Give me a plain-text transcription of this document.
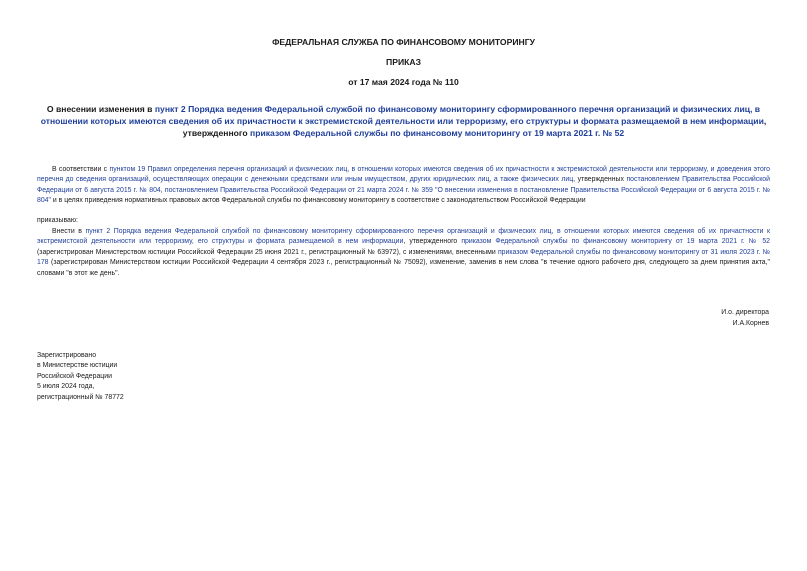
ФЕДЕРАЛЬНАЯ СЛУЖБА ПО ФИНАНСОВОМУ МОНИТОРИНГУ

ПРИКАЗ

от 17 мая 2024 года № 110

О внесении изменения в пункт 2 Порядка ведения Федеральной службой по финансовому мониторингу сформированного перечня организаций и физических лиц, в отношении которых имеются сведения об их причастности к экстремистской деятельности или терроризму, его структуры и формата размещаемой в нем информации, утвержденного приказом Федеральной службы по финансовому мониторингу от 19 марта 2021 г. № 52

В соответствии с пунктом 19 Правил определения перечня организаций и физических лиц, в отношении которых имеются сведения об их причастности к экстремистской деятельности или терроризму, и доведения этого перечня до сведения организаций, осуществляющих операции с денежными средствами или иным имуществом, других юридических лиц, а также физических лиц, утвержденных постановлением Правительства Российской Федерации от 6 августа 2015 г. № 804, постановлением Правительства Российской Федерации от 21 марта 2024 г. № 359 "О внесении изменения в постановление Правительства Российской Федерации от 6 августа 2015 г. № 804" и в целях приведения нормативных правовых актов Федеральной службы по финансовому мониторингу в соответствие с законодательством Российской Федерации

приказываю:

Внести в пункт 2 Порядка ведения Федеральной службой по финансовому мониторингу сформированного перечня организаций и физических лиц, в отношении которых имеются сведения об их причастности к экстремистской деятельности или терроризму, его структуры и формата размещаемой в нем информации, утвержденного приказом Федеральной службы по финансовому мониторингу от 19 марта 2021 г. № 52 (зарегистрирован Министерством юстиции Российской Федерации 25 июня 2021 г., регистрационный № 63972), с изменениями, внесенными приказом Федеральной службы по финансовому мониторингу от 31 июля 2023 г. № 178 (зарегистрирован Министерством юстиции Российской Федерации 4 сентября 2023 г., регистрационный № 75092), изменение, заменив в нем слова "в течение одного рабочего дня, следующего за днем принятия акта," словами "в этот же день".

И.о. директора
И.А.Корнев

Зарегистрировано
в Министерстве юстиции
Российской Федерации
5 июля 2024 года,
регистрационный № 78772
